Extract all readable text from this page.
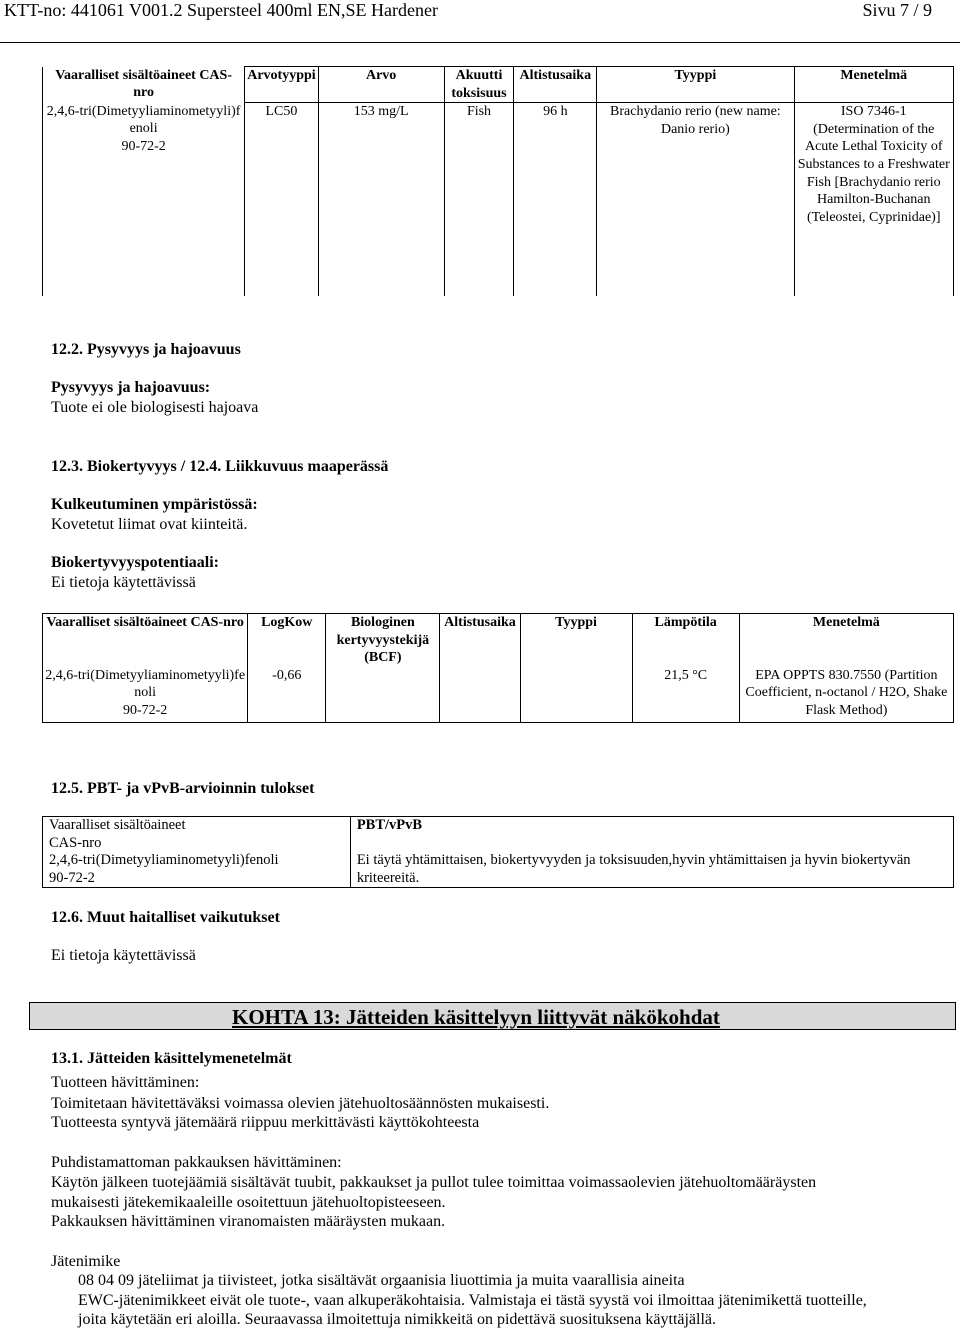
KTT-no: 441061 V001.2 Supersteel 400ml EN,SE Hardener	Sivu 7 / 9
Vaaralliset sisältöaineet CAS-nro	Arvotyyppi	Arvo	Akuutti toksisuus	Altistusaika	Tyyppi	Menetelmä

2,4,6-tri(Dimetyyliaminometyyli)fenoli
90-72-2	LC50	153 mg/L	Fish	96 h	Brachydanio rerio (new name: Danio rerio)	ISO 7346-1 (Determination of the Acute Lethal Toxicity of Substances to a Freshwater Fish [Brachydanio rerio Hamilton-Buchanan (Teleostei, Cyprinidae)]
12.2. Pysyvyys ja hajoavuus
Pysyvyys ja hajoavuus:
Tuote ei ole biologisesti hajoava
12.3. Biokertyvyys / 12.4. Liikkuvuus maaperässä
Kulkeutuminen ympäristössä:
Kovetetut liimat ovat kiinteitä.
Biokertyvyyspotentiaali:
Ei tietoja käytettävissä
Vaaralliset sisältöaineet CAS-nro	LogKow	Biologinen kertyvyystekijä (BCF)	Altistusaika	Tyyppi	Lämpötila	Menetelmä

2,4,6-tri(Dimetyyliaminometyyli)fenoli
90-72-2	-0,66				21,5 °C	EPA OPPTS 830.7550 (Partition Coefficient, n-octanol / H2O, Shake Flask Method)
12.5. PBT- ja vPvB-arvioinnin tulokset
Vaaralliset sisältöaineet
CAS-nro	PBT/vPvB

2,4,6-tri(Dimetyyliaminometyyli)fenoli
90-72-2	Ei täytä yhtämittaisen, biokertyvyyden ja toksisuuden,hyvin yhtämittaisen ja hyvin biokertyvän kriteereitä.
12.6. Muut haitalliset vaikutukset
Ei tietoja käytettävissä
KOHTA 13: Jätteiden käsittelyyn liittyvät näkökohdat
13.1. Jätteiden käsittelymenetelmät
Tuotteen hävittäminen:
Toimitetaan hävitettäväksi voimassa olevien jätehuoltosäännösten mukaisesti.
Tuotteesta syntyvä jätemäärä riippuu merkittävästi käyttökohteesta
Puhdistamattoman pakkauksen hävittäminen:
Käytön jälkeen tuotejäämiä sisältävät tuubit, pakkaukset ja pullot tulee toimittaa voimassaolevien jätehuoltomääräysten
mukaisesti jätekemikaaleille osoitettuun jätehuoltopisteeseen.
Pakkauksen hävittäminen viranomaisten määräysten mukaan.
Jätenimike
08 04 09 jäteliimat ja tiivisteet, jotka sisältävät orgaanisia liuottimia ja muita vaarallisia aineita
EWC-jätenimikkeet eivät ole tuote-, vaan alkuperäkohtaisia. Valmistaja ei tästä syystä voi ilmoittaa jätenimikettä tuotteille,
joita käytetään eri aloilla. Seuraavassa ilmoitettuja nimikkeitä on pidettävä suosituksena käyttäjällä.
